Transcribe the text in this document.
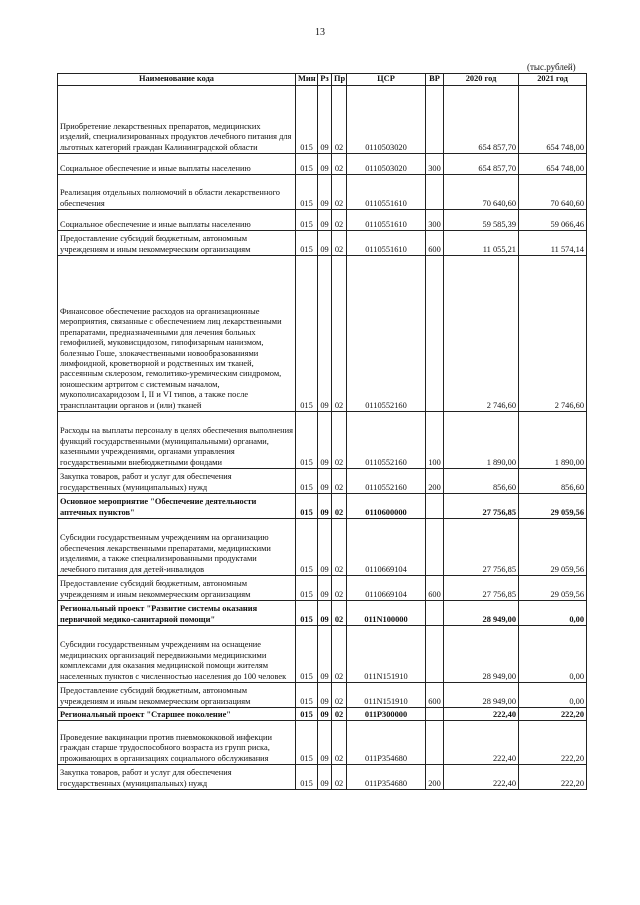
13
(тыс.рублей)
Наименование кода	Мин	Рз	Пр	ЦСР	ВР	2020 год	2021 год
Приобретение лекарственных препаратов, медицинских изделий, специализированных продуктов лечебного питания для льготных категорий граждан Калининградской области	015	09	02	0110503020		654 857,70	654 748,00
Социальное обеспечение и иные выплаты населению	015	09	02	0110503020	300	654 857,70	654 748,00
Реализация отдельных полномочий в области лекарственного обеспечения	015	09	02	0110551610		70 640,60	70 640,60
Социальное обеспечение и иные выплаты населению	015	09	02	0110551610	300	59 585,39	59 066,46
Предоставление субсидий бюджетным, автономным учреждениям и иным некоммерческим организациям	015	09	02	0110551610	600	11 055,21	11 574,14
Финансовое обеспечение расходов на организационные мероприятия, связанные с обеспечением лиц лекарственными препаратами, предназначенными для лечения больных гемофилией, муковисцидозом, гипофизарным нанизмом, болезнью Гоше, злокачественными новообразованиями лимфоидной, кроветворной и родственных им тканей, рассеянным склерозом, гемолитико-уремическим синдромом, юношеским артритом с системным началом, мукополисахаридозом I, II и VI типов, а также после трансплантации органов и (или) тканей	015	09	02	0110552160		2 746,60	2 746,60
Расходы на выплаты персоналу в целях обеспечения выполнения функций государственными (муниципальными) органами, казенными учреждениями, органами управления государственными внебюджетными фондами	015	09	02	0110552160	100	1 890,00	1 890,00
Закупка товаров, работ и услуг для обеспечения государственных (муниципальных) нужд	015	09	02	0110552160	200	856,60	856,60
Основное мероприятие "Обеспечение деятельности аптечных пунктов"	015	09	02	0110600000		27 756,85	29 059,56
Субсидии государственным учреждениям на организацию обеспечения лекарственными препаратами, медицинскими изделиями, а также специализированными продуктами лечебного питания для детей-инвалидов	015	09	02	0110669104		27 756,85	29 059,56
Предоставление субсидий бюджетным, автономным учреждениям и иным некоммерческим организациям	015	09	02	0110669104	600	27 756,85	29 059,56
Региональный проект "Развитие системы оказания первичной медико-санитарной помощи"	015	09	02	011N100000		28 949,00	0,00
Субсидии государственным учреждениям на оснащение медицинских организаций передвижными медицинскими комплексами для оказания медицинской помощи жителям населенных пунктов с численностью населения до 100 человек	015	09	02	011N151910		28 949,00	0,00
Предоставление субсидий бюджетным, автономным учреждениям и иным некоммерческим организациям	015	09	02	011N151910	600	28 949,00	0,00
Региональный проект "Старшее поколение"	015	09	02	011P300000		222,40	222,20
Проведение вакцинации против пневмококковой инфекции граждан старше трудоспособного возраста из групп риска, проживающих в организациях социального обслуживания	015	09	02	011P354680		222,40	222,20
Закупка товаров, работ и услуг для обеспечения государственных (муниципальных) нужд	015	09	02	011P354680	200	222,40	222,20
